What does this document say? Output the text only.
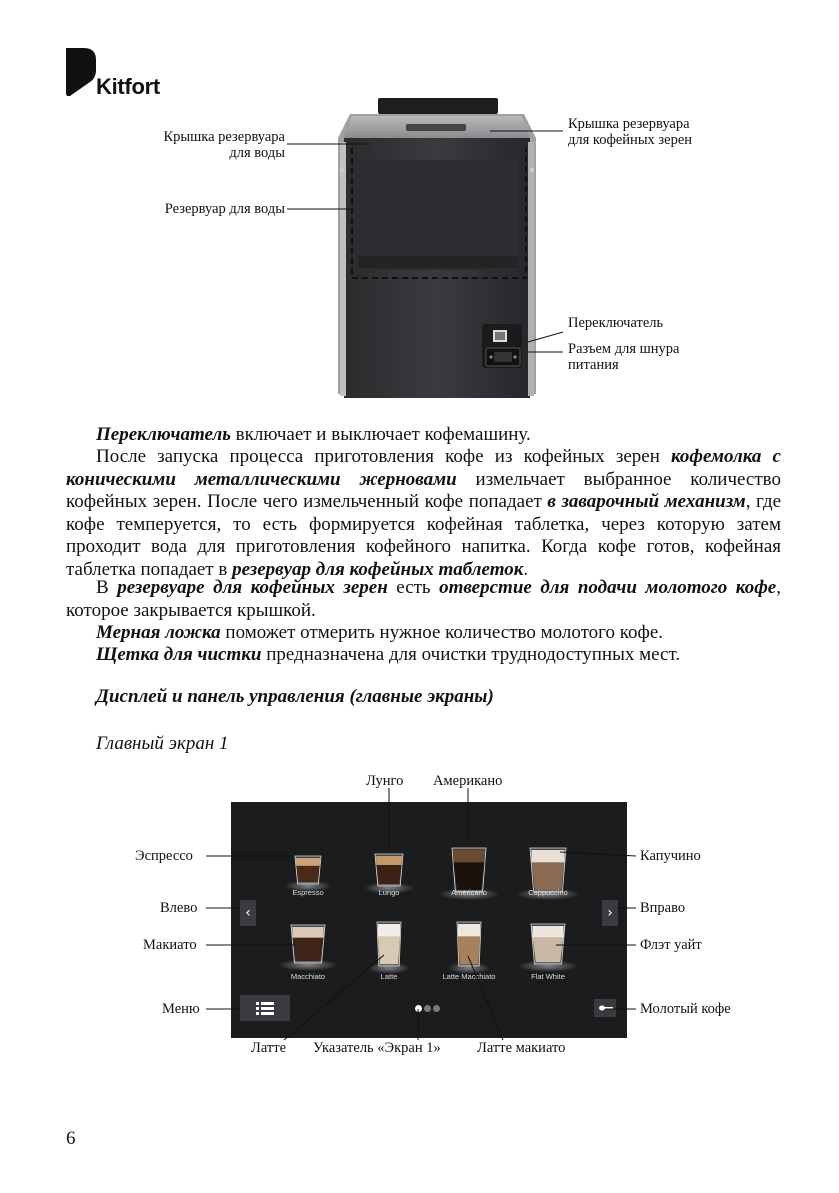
Kitfort
Крышка резервуара
для воды
Крышка резервуара
для кофейных зерен
Резервуар для воды
Переключатель
Разъем для шнура
питания
Переключатель включает и выключает кофемашину.
После запуска процесса приготовления кофе из кофейных зерен кофемолка с коническими металлическими жерновами измельчает выбранное количество кофейных зерен. После чего измельченный кофе попадает в заварочный механизм, где кофе темперуется, то есть формируется кофейная таблетка, через которую затем проходит вода для приготовления кофейного напитка. Когда кофе готов, кофейная таблетка попадает в резервуар для кофейных таблеток.
В резервуаре для кофейных зерен есть отверстие для подачи молотого кофе, которое закрывается крышкой.
Мерная ложка поможет отмерить нужное количество молотого кофе.
Щетка для чистки предназначена для очистки труднодоступных мест.
Дисплей и панель управления (главные экраны)
Главный экран 1
Espresso	Lungo	Americano	Cappuccino
Macchiato	Latte	Latte Macchiato	Flat White
‹	›
Лунго Американо
Эспрессо	Капучино
Влево	Вправо
Макиато	Флэт уайт
Меню	Молотый кофе
Латте Указатель «Экран 1»	Латте макиато
6
